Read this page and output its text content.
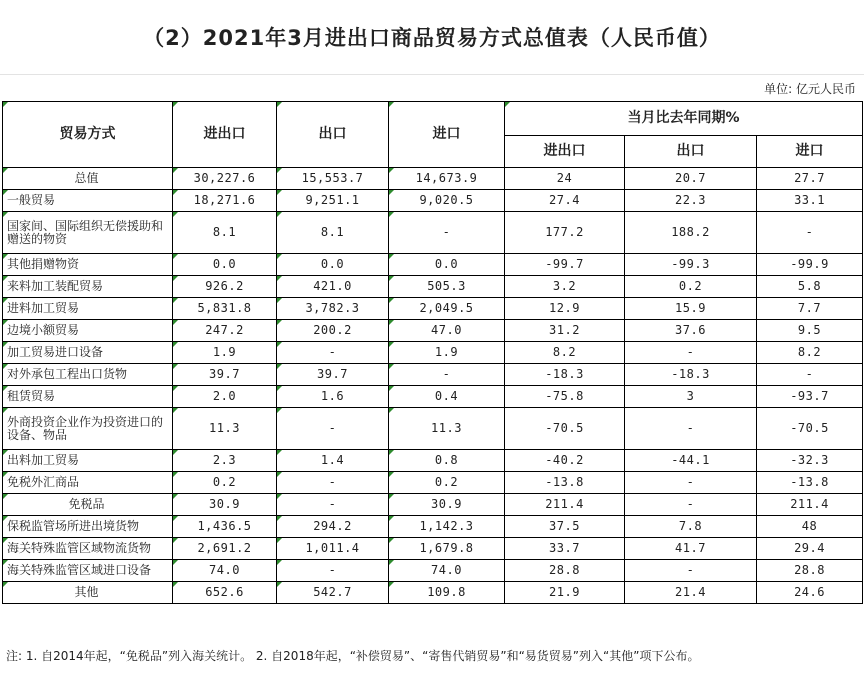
（2）2021年3月进出口商品贸易方式总值表（人民币值）
单位: 亿元人民币
贸易方式	进出口	出口	进口	当月比去年同期%		
				进出口	出口	进口
总值	30,227.6	15,553.7	14,673.9	24	20.7	27.7
一般贸易	18,271.6	9,251.1	9,020.5	27.4	22.3	33.1
国家间、国际组织无偿援助和赠送的物资	8.1	8.1	-	177.2	188.2	-
其他捐赠物资	0.0	0.0	0.0	-99.7	-99.3	-99.9
来料加工装配贸易	926.2	421.0	505.3	3.2	0.2	5.8
进料加工贸易	5,831.8	3,782.3	2,049.5	12.9	15.9	7.7
边境小额贸易	247.2	200.2	47.0	31.2	37.6	9.5
加工贸易进口设备	1.9	-	1.9	8.2	-	8.2
对外承包工程出口货物	39.7	39.7	-	-18.3	-18.3	-
租赁贸易	2.0	1.6	0.4	-75.8	3	-93.7
外商投资企业作为投资进口的设备、物品	11.3	-	11.3	-70.5	-	-70.5
出料加工贸易	2.3	1.4	0.8	-40.2	-44.1	-32.3
免税外汇商品	0.2	-	0.2	-13.8	-	-13.8
免税品	30.9	-	30.9	211.4	-	211.4
保税监管场所进出境货物	1,436.5	294.2	1,142.3	37.5	7.8	48
海关特殊监管区域物流货物	2,691.2	1,011.4	1,679.8	33.7	41.7	29.4
海关特殊监管区域进口设备	74.0	-	74.0	28.8	-	28.8
其他	652.6	542.7	109.8	21.9	21.4	24.6
注: 1. 自2014年起，“免税品”列入海关统计。 2. 自2018年起，“补偿贸易”、“寄售代销贸易”和“易货贸易”列入“其他”项下公布。
